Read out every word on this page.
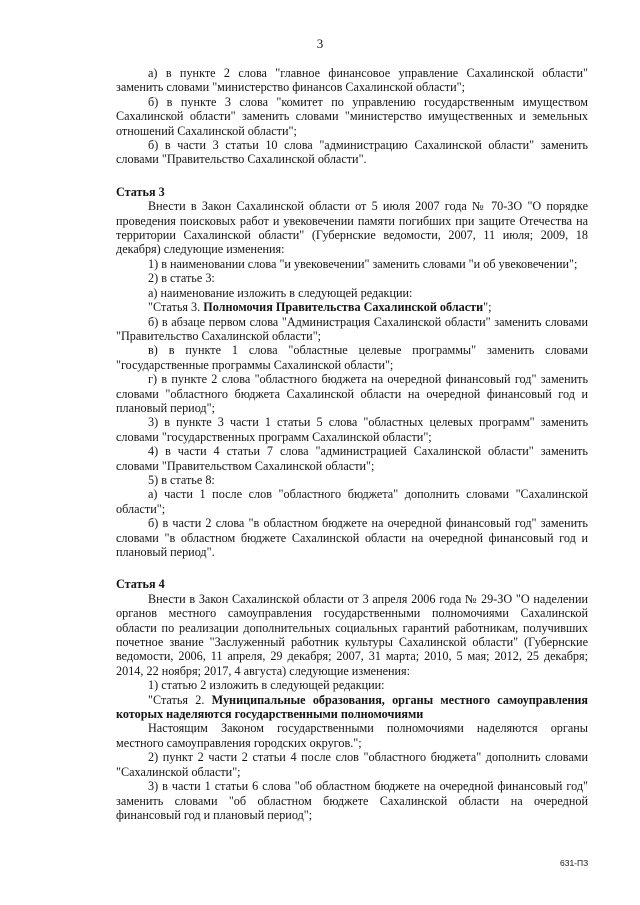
3

а) в пункте 2 слова "главное финансовое управление Сахалинской области" заменить словами "министерство финансов Сахалинской области";

б) в пункте 3 слова "комитет по управлению государственным имуществом Сахалинской области" заменить словами "министерство имущественных и земельных отношений Сахалинской области";

б) в части 3 статьи 10 слова "администрацию Сахалинской области" заменить словами "Правительство Сахалинской области".

Статья 3

Внести в Закон Сахалинской области от 5 июля 2007 года № 70-ЗО "О порядке проведения поисковых работ и увековечении памяти погибших при защите Отечества на территории Сахалинской области" (Губернские ведомости, 2007, 11 июля; 2009, 18 декабря) следующие изменения:

1) в наименовании слова "и увековечении" заменить словами "и об увековечении";

2) в статье 3:

а) наименование изложить в следующей редакции:

"Статья 3. Полномочия Правительства Сахалинской области";

б) в абзаце первом слова "Администрация Сахалинской области" заменить словами "Правительство Сахалинской области";

в) в пункте 1 слова "областные целевые программы" заменить словами "государственные программы Сахалинской области";

г) в пункте 2 слова "областного бюджета на очередной финансовый год" заменить словами "областного бюджета Сахалинской области на очередной финансовый год и плановый период";

3) в пункте 3 части 1 статьи 5 слова "областных целевых программ" заменить словами "государственных программ Сахалинской области";

4) в части 4 статьи 7 слова "администрацией Сахалинской области" заменить словами "Правительством Сахалинской области";

5) в статье 8:

а) части 1 после слов "областного бюджета" дополнить словами "Сахалинской области";

б) в части 2 слова "в областном бюджете на очередной финансовый год" заменить словами "в областном бюджете Сахалинской области на очередной финансовый год и плановый период".

Статья 4

Внести в Закон Сахалинской области от 3 апреля 2006 года № 29-ЗО "О наделении органов местного самоуправления государственными полномочиями Сахалинской области по реализации дополнительных социальных гарантий работникам, получивших почетное звание "Заслуженный работник культуры Сахалинской области" (Губернские ведомости, 2006, 11 апреля, 29 декабря; 2007, 31 марта; 2010, 5 мая; 2012, 25 декабря; 2014, 22 ноября; 2017, 4 августа) следующие изменения:

1) статью 2 изложить в следующей редакции:

"Статья 2. Муниципальные образования, органы местного самоуправления которых наделяются государственными полномочиями

Настоящим Законом государственными полномочиями наделяются органы местного самоуправления городских округов.";

2) пункт 2 части 2 статьи 4 после слов "областного бюджета" дополнить словами "Сахалинской области";

3) в части 1 статьи 6 слова "об областном бюджете на очередной финансовый год" заменить словами "об областном бюджете Сахалинской области на очередной финансовый год и плановый период";

631-ПЗ
